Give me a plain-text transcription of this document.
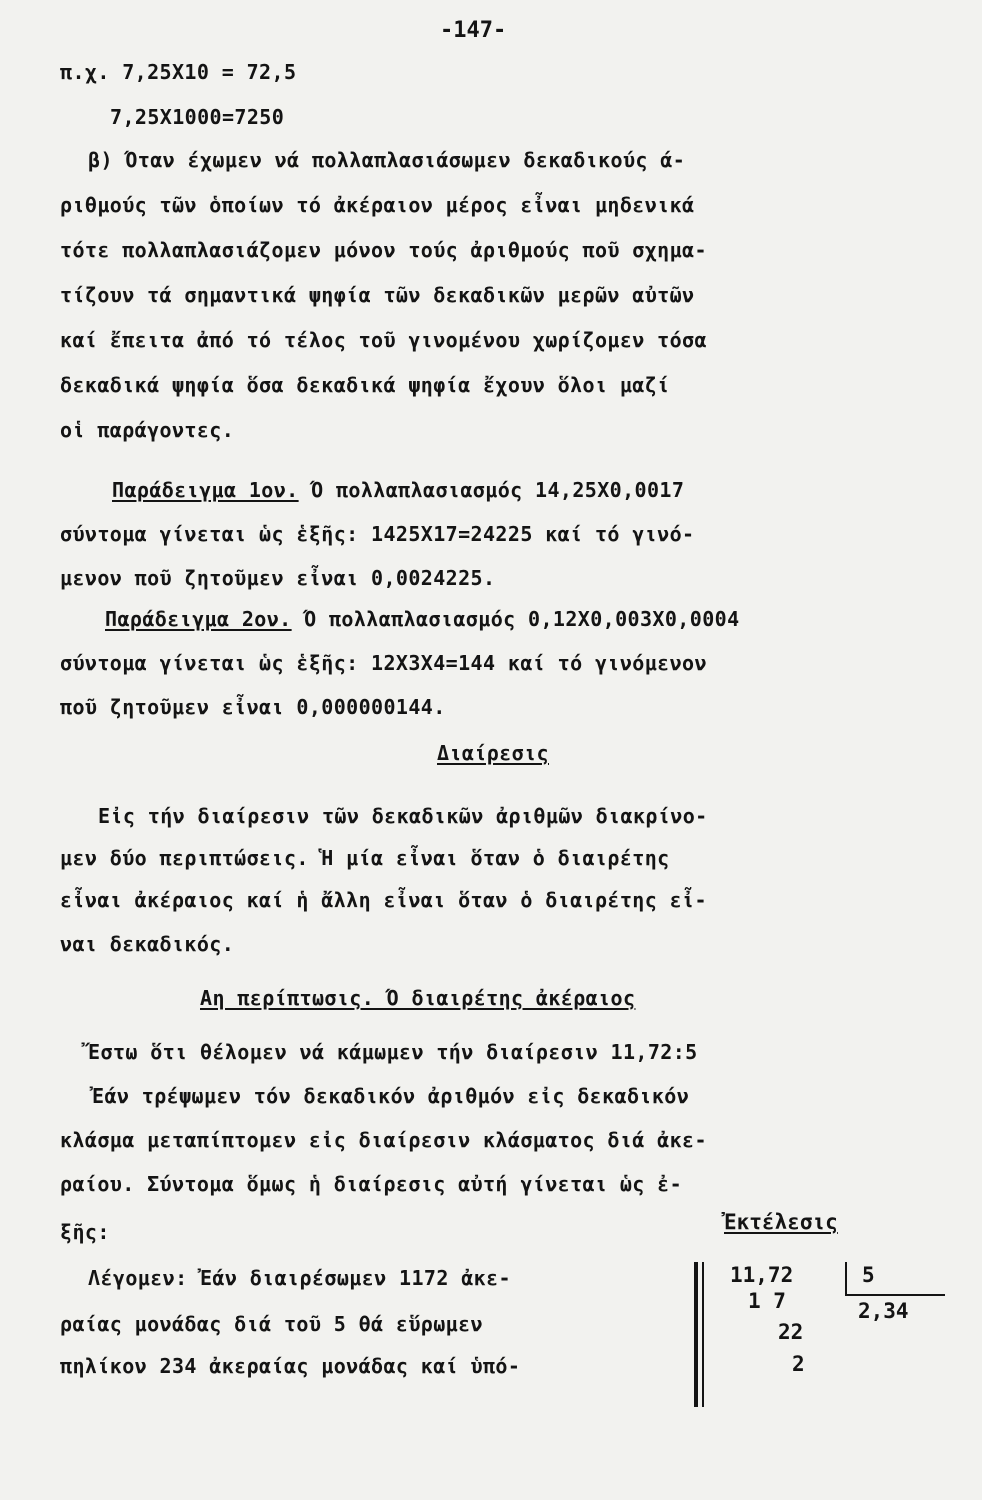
-147-
π.χ. 7,25Χ10 = 72,5
7,25Χ1000=7250
β) Όταν έχωμεν νά πολλαπλασιάσωμεν δεκαδικούς ά-
ριθμούς τῶν ὁποίων τό ἀκέραιον μέρος εἶναι μηδενικά
τότε πολλαπλασιάζομεν μόνον τούς ἀριθμούς ποῦ σχημα-
τίζουν τά σημαντικά ψηφία τῶν δεκαδικῶν μερῶν αὐτῶν
καί ἔπειτα ἀπό τό τέλος τοῦ γινομένου χωρίζομεν τόσα
δεκαδικά ψηφία ὅσα δεκαδικά ψηφία ἔχουν ὅλοι μαζί
οἱ παράγοντες.
Παράδειγμα 1ον. Ό πολλαπλασιασμός 14,25Χ0,0017
σύντομα γίνεται ὡς ἑξῆς: 1425Χ17=24225 καί τό γινό-
μενον ποῦ ζητοῦμεν εἶναι 0,0024225.
Παράδειγμα 2ον. Ό πολλαπλασιασμός 0,12Χ0,003Χ0,0004
σύντομα γίνεται ὡς ἑξῆς: 12Χ3Χ4=144 καί τό γινόμενον
ποῦ ζητοῦμεν εἶναι 0,000000144.
Διαίρεσις
Εἰς τήν διαίρεσιν τῶν δεκαδικῶν ἀριθμῶν διακρίνο-
μεν δύο περιπτώσεις. Ἡ μία εἶναι ὅταν ὁ διαιρέτης
εἶναι ἀκέραιος καί ἡ ἄλλη εἶναι ὅταν ὁ διαιρέτης εἶ-
ναι δεκαδικός.
Αη περίπτωσις. Ό διαιρέτης ἀκέραιος
Ἔστω ὅτι θέλομεν νά κάμωμεν τήν διαίρεσιν 11,72:5
Ἐάν τρέψωμεν τόν δεκαδικόν ἀριθμόν εἰς δεκαδικόν
κλάσμα μεταπίπτομεν εἰς διαίρεσιν κλάσματος διά ἀκε-
ραίου. Σύντομα ὅμως ἡ διαίρεσις αὐτή γίνεται ὡς ἐ-
ξῆς:
Λέγομεν: Ἐάν διαιρέσωμεν 1172 ἀκε-
ραίας μονάδας διά τοῦ 5 θά εὕρωμεν
πηλίκον 234 ἀκεραίας μονάδας καί ὑπό-
Ἐκτέλεσις
11,72	5
1 7	2,34
22
2
